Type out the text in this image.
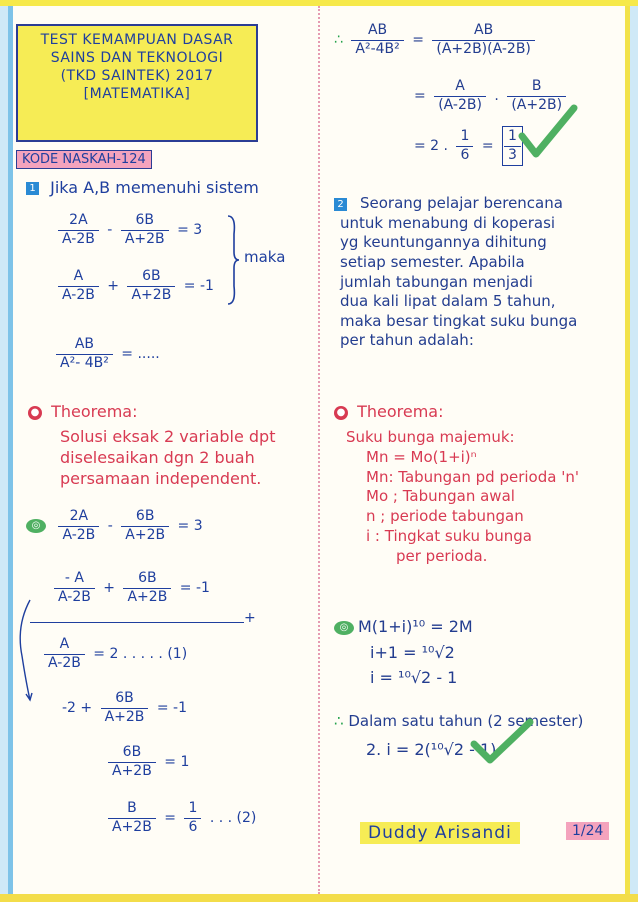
TEST KEMAMPUAN DASAR
SAINS DAN TEKNOLOGI
(TKD SAINTEK) 2017
[MATEMATIKA]
KODE NASKAH-124
1 Jika A,B memenuhi sistem
$\frac{2A}{A-2B} - \frac{6B}{A+2B} = 3$
$\frac{A}{A-2B} + \frac{6B}{A+2B} = -1$
maka
$\frac{AB}{\text{A²- 4B²}}$ = .....
● Theorema:
Solusi eksak 2 variable dpt
diselesaikan dgn 2 buah
persamaan independent.
◎ $\frac{2A}{A-2B} - \frac{6B}{A+2B} = 3$
$\frac{- A}{A-2B} + \frac{6B}{A+2B} = -1$
+
$\frac{A}{A-2B} = 2$ . . . . . (1)
$-2 + \frac{6B}{A+2B} = -1$
$\frac{6B}{A+2B} = 1$
$\frac{B}{A+2B} = \frac{1}{6}$ . . . (2)
∴ $\frac{AB}{\text{A²-4B²}} = \frac{AB}{(A+2B)(A-2B)}$
= $\frac{A}{(A-2B)}$ . $\frac{B}{(A+2B)}$
= 2 . $\frac{1}{6} = \frac{1}{3}$
2	Seorang pelajar berencana
untuk menabung di koperasi
yg keuntungannya dihitung
setiap semester. Apabila
jumlah tabungan menjadi
dua kali lipat dalam 5 tahun,
maka besar tingkat suku bunga
per tahun adalah:
● Theorema:
Suku bunga majemuk:
Mn = Mo(1+i)ⁿ
Mn: Tabungan pd perioda 'n'
Mo ; Tabungan awal
n ; periode tabungan
i : Tingkat suku bunga
per perioda.
◎ M(1+i)¹⁰ = 2M
i+1 = ¹⁰√2
i = ¹⁰√2 - 1
∴ Dalam satu tahun (2 semester)
2. i = 2(¹⁰√2 - 1)
Duddy Arisandi	1/24
